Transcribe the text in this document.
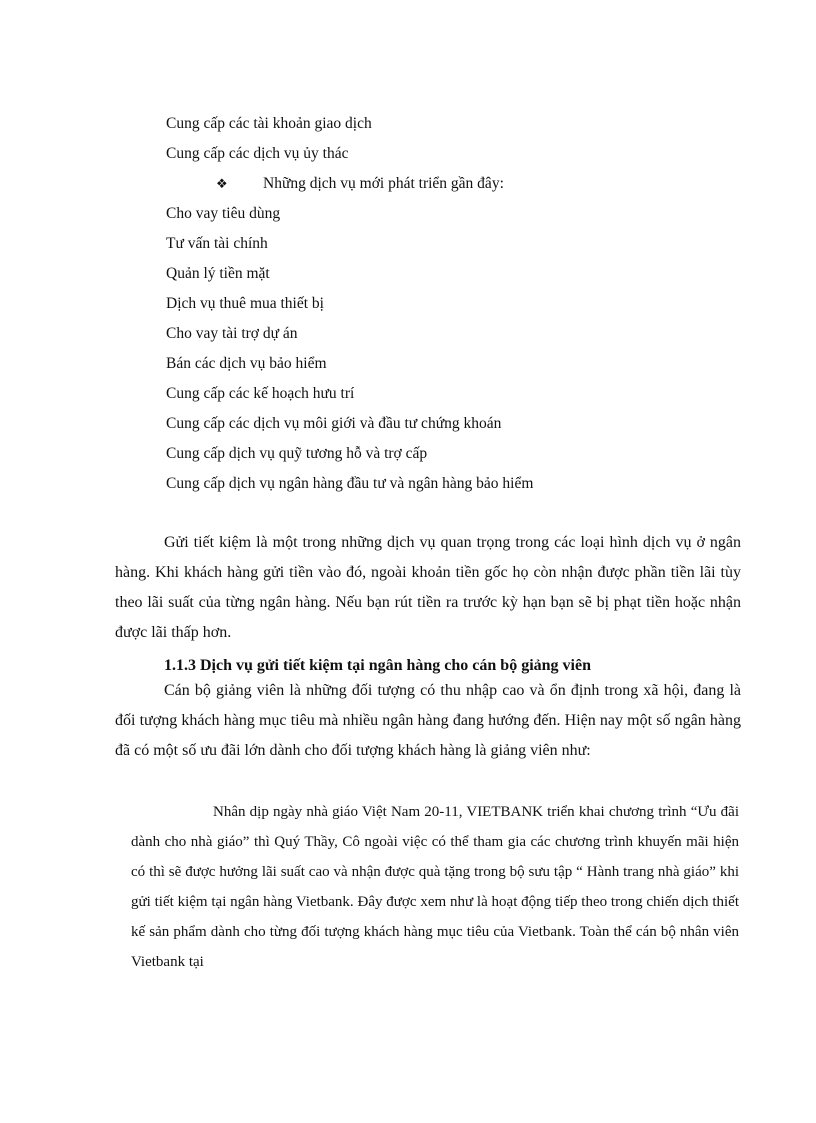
Cung cấp các tài khoản giao dịch
Cung cấp các dịch vụ ủy thác
❖ Những dịch vụ mới phát triển gần đây:
Cho vay tiêu dùng
Tư vấn tài chính
Quản lý tiền mặt
Dịch vụ thuê mua thiết bị
Cho vay tài trợ dự án
Bán các dịch vụ bảo hiểm
Cung cấp các kế hoạch hưu trí
Cung cấp các dịch vụ môi giới và đầu tư chứng khoán
Cung cấp dịch vụ quỹ tương hỗ và trợ cấp
Cung cấp dịch vụ ngân hàng đầu tư và ngân hàng bảo hiểm

Gửi tiết kiệm là một trong những dịch vụ quan trọng trong các loại hình dịch vụ ở ngân hàng. Khi khách hàng gửi tiền vào đó, ngoài khoản tiền gốc họ còn nhận được phần tiền lãi tùy theo lãi suất của từng ngân hàng. Nếu bạn rút tiền ra trước kỳ hạn bạn sẽ bị phạt tiền hoặc nhận được lãi thấp hơn.

1.1.3 Dịch vụ gửi tiết kiệm tại ngân hàng cho cán bộ giảng viên

Cán bộ giảng viên là những đối tượng có thu nhập cao và ổn định trong xã hội, đang là đối tượng khách hàng mục tiêu mà nhiều ngân hàng đang hướng đến. Hiện nay một số ngân hàng đã có một số ưu đãi lớn dành cho đối tượng khách hàng là giảng viên như:

Nhân dịp ngày nhà giáo Việt Nam 20-11, VIETBANK triển khai chương trình “Ưu đãi dành cho nhà giáo” thì Quý Thầy, Cô ngoài việc có thể tham gia các chương trình khuyến mãi hiện có thì sẽ được hưởng lãi suất cao và nhận được quà tặng trong bộ sưu tập “ Hành trang nhà giáo” khi gửi tiết kiệm tại ngân hàng Vietbank. Đây được xem như là hoạt động tiếp theo trong chiến dịch thiết kế sản phẩm dành cho từng đối tượng khách hàng mục tiêu của Vietbank. Toàn thể cán bộ nhân viên Vietbank tại
